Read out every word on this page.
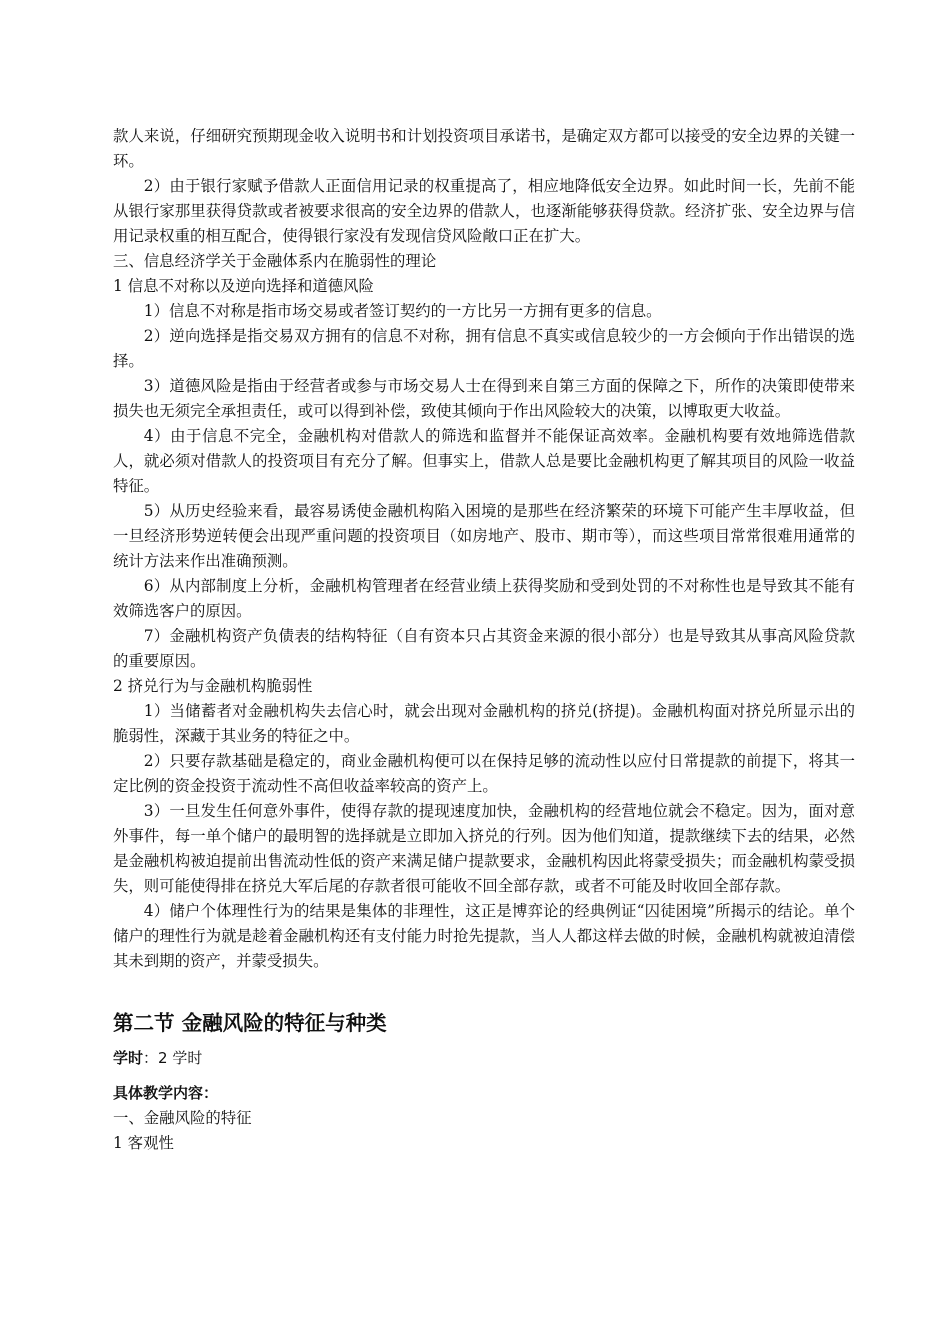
款人来说，仔细研究预期现金收入说明书和计划投资项目承诺书，是确定双方都可以接受的安全边界的关键一环。

2）由于银行家赋予借款人正面信用记录的权重提高了，相应地降低安全边界。如此时间一长，先前不能从银行家那里获得贷款或者被要求很高的安全边界的借款人，也逐渐能够获得贷款。经济扩张、安全边界与信用记录权重的相互配合，使得银行家没有发现信贷风险敞口正在扩大。

三、信息经济学关于金融体系内在脆弱性的理论

1 信息不对称以及逆向选择和道德风险

1）信息不对称是指市场交易或者签订契约的一方比另一方拥有更多的信息。

2）逆向选择是指交易双方拥有的信息不对称，拥有信息不真实或信息较少的一方会倾向于作出错误的选择。

3）道德风险是指由于经营者或参与市场交易人士在得到来自第三方面的保障之下，所作的决策即使带来损失也无须完全承担责任，或可以得到补偿，致使其倾向于作出风险较大的决策，以博取更大收益。

4）由于信息不完全，金融机构对借款人的筛选和监督并不能保证高效率。金融机构要有效地筛选借款人，就必须对借款人的投资项目有充分了解。但事实上，借款人总是要比金融机构更了解其项目的风险一收益特征。

5）从历史经验来看，最容易诱使金融机构陷入困境的是那些在经济繁荣的环境下可能产生丰厚收益，但一旦经济形势逆转便会出现严重问题的投资项目（如房地产、股市、期市等），而这些项目常常很难用通常的统计方法来作出准确预测。

6）从内部制度上分析，金融机构管理者在经营业绩上获得奖励和受到处罚的不对称性也是导致其不能有效筛选客户的原因。

7）金融机构资产负债表的结构特征（自有资本只占其资金来源的很小部分）也是导致其从事高风险贷款的重要原因。

2 挤兑行为与金融机构脆弱性

1）当储蓄者对金融机构失去信心时，就会出现对金融机构的挤兑(挤提)。金融机构面对挤兑所显示出的脆弱性，深藏于其业务的特征之中。

2）只要存款基础是稳定的，商业金融机构便可以在保持足够的流动性以应付日常提款的前提下，将其一定比例的资金投资于流动性不高但收益率较高的资产上。

3）一旦发生任何意外事件，使得存款的提现速度加快，金融机构的经营地位就会不稳定。因为，面对意外事件，每一单个储户的最明智的选择就是立即加入挤兑的行列。因为他们知道，提款继续下去的结果，必然是金融机构被迫提前出售流动性低的资产来满足储户提款要求，金融机构因此将蒙受损失；而金融机构蒙受损失，则可能使得排在挤兑大军后尾的存款者很可能收不回全部存款，或者不可能及时收回全部存款。

4）储户个体理性行为的结果是集体的非理性，这正是博弈论的经典例证“囚徒困境”所揭示的结论。单个储户的理性行为就是趁着金融机构还有支付能力时抢先提款，当人人都这样去做的时候，金融机构就被迫清偿其未到期的资产，并蒙受损失。

第二节 金融风险的特征与种类
学时：2 学时
具体教学内容：

一、金融风险的特征

1 客观性
